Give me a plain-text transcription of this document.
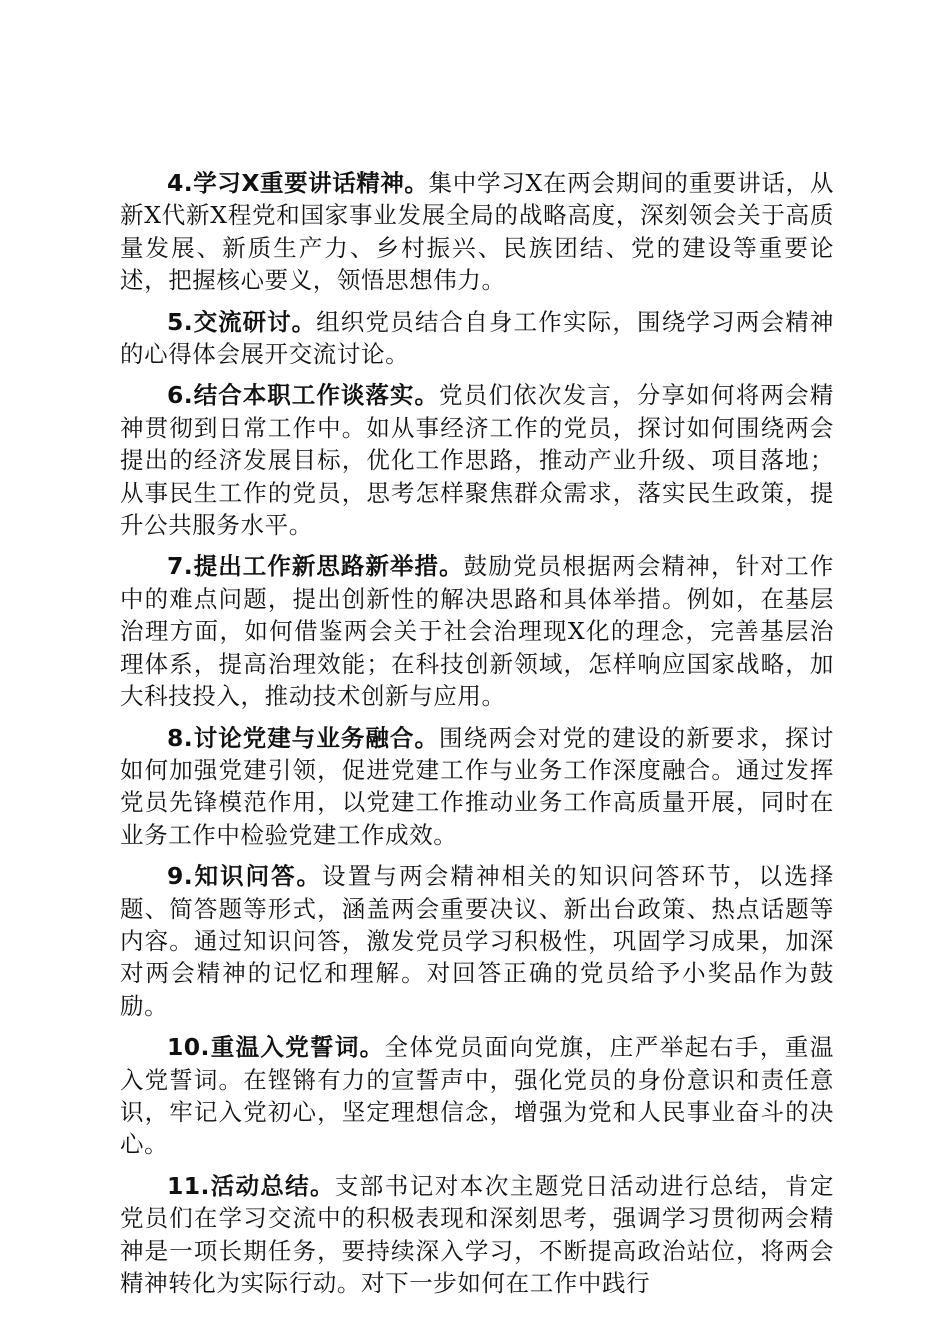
4.学习X重要讲话精神。集中学习X在两会期间的重要讲话，从新X代新X程党和国家事业发展全局的战略高度，深刻领会关于高质量发展、新质生产力、乡村振兴、民族团结、党的建设等重要论述，把握核心要义，领悟思想伟力。

5.交流研讨。组织党员结合自身工作实际，围绕学习两会精神的心得体会展开交流讨论。

6.结合本职工作谈落实。党员们依次发言，分享如何将两会精神贯彻到日常工作中。如从事经济工作的党员，探讨如何围绕两会提出的经济发展目标，优化工作思路，推动产业升级、项目落地；从事民生工作的党员，思考怎样聚焦群众需求，落实民生政策，提升公共服务水平。

7.提出工作新思路新举措。鼓励党员根据两会精神，针对工作中的难点问题，提出创新性的解决思路和具体举措。例如，在基层治理方面，如何借鉴两会关于社会治理现X化的理念，完善基层治理体系，提高治理效能；在科技创新领域，怎样响应国家战略，加大科技投入，推动技术创新与应用。

8.讨论党建与业务融合。围绕两会对党的建设的新要求，探讨如何加强党建引领，促进党建工作与业务工作深度融合。通过发挥党员先锋模范作用，以党建工作推动业务工作高质量开展，同时在业务工作中检验党建工作成效。

9.知识问答。设置与两会精神相关的知识问答环节，以选择题、简答题等形式，涵盖两会重要决议、新出台政策、热点话题等内容。通过知识问答，激发党员学习积极性，巩固学习成果，加深对两会精神的记忆和理解。对回答正确的党员给予小奖品作为鼓励。

10.重温入党誓词。全体党员面向党旗，庄严举起右手，重温入党誓词。在铿锵有力的宣誓声中，强化党员的身份意识和责任意识，牢记入党初心，坚定理想信念，增强为党和人民事业奋斗的决心。

11.活动总结。支部书记对本次主题党日活动进行总结，肯定党员们在学习交流中的积极表现和深刻思考，强调学习贯彻两会精神是一项长期任务，要持续深入学习，不断提高政治站位，将两会精神转化为实际行动。对下一步如何在工作中践行
